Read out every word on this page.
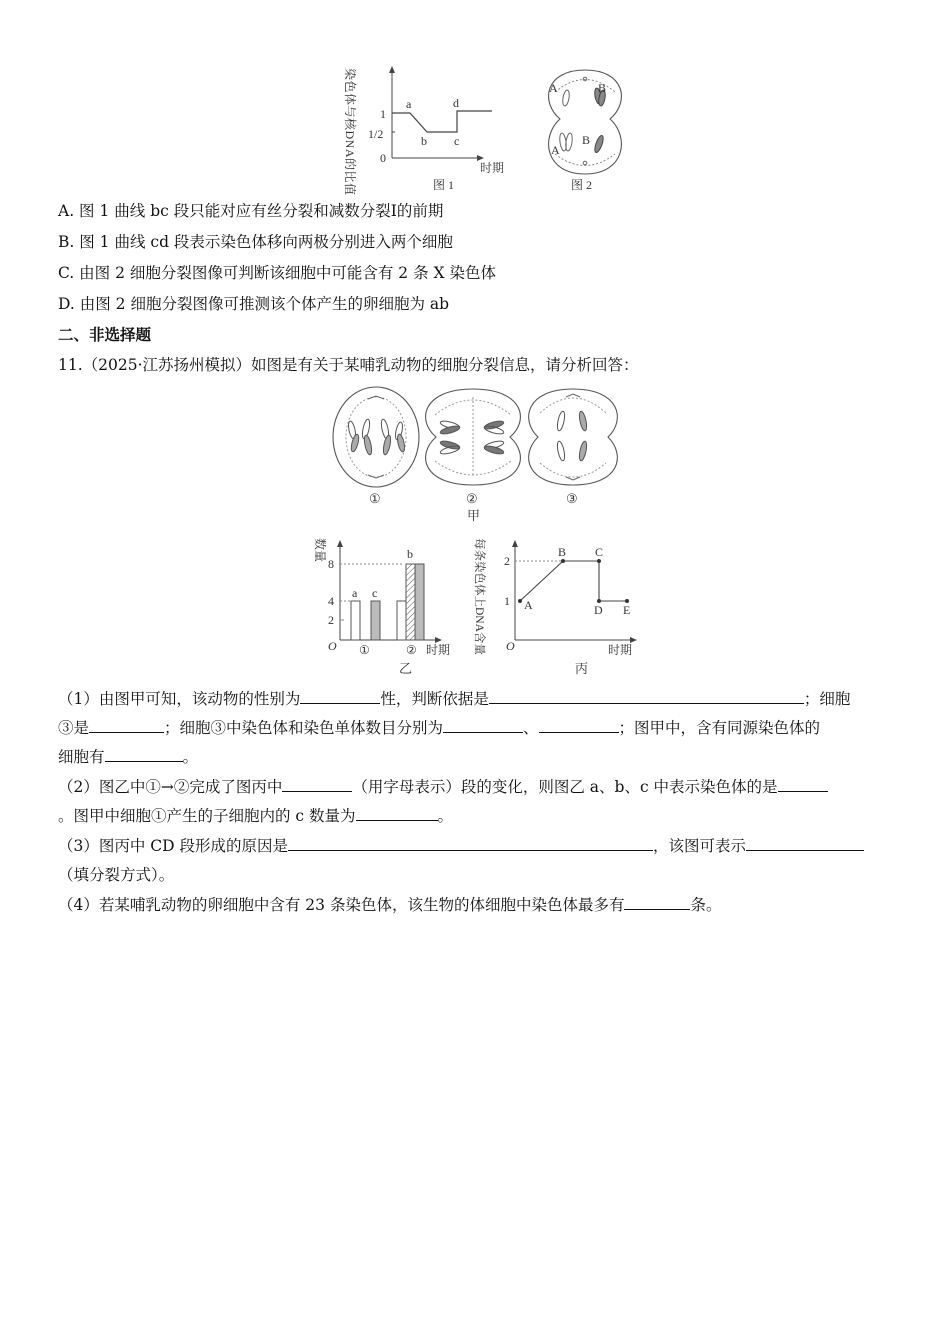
染色体与核DNA的比值 1
1/2
0
a
b c
d
时期
图 1
A	B
A
B
图 2
A. 图 1 曲线 bc 段只能对应有丝分裂和减数分裂Ⅰ的前期
B. 图 1 曲线 cd 段表示染色体移向两极分别进入两个细胞
C. 由图 2 细胞分裂图像可判断该细胞中可能含有 2 条 X 染色体
D. 由图 2 细胞分裂图像可推测该个体产生的卵细胞为 ab
二、非选择题
11.（2025·江苏扬州模拟）如图是有关于某哺乳动物的细胞分裂信息，请分析回答：
①	②
甲
③
数量
8
4
2
a c
b
O ①	② 时期
乙
每条染色体上DNA含量 2
1 A
B C
D E
O	时期
丙
（1）由图甲可知，该动物的性别为	性，判断依据是	；细胞
③是	；细胞③中染色体和染色单体数目分别为	、	；图甲中，含有同源染色体的
细胞有	。
（2）图乙中①→②完成了图丙中	（用字母表示）段的变化，则图乙 a、b、c 中表示染色体的是
。图甲中细胞①产生的子细胞内的 c 数量为	。
（3）图丙中 CD 段形成的原因是	，该图可表示
（填分裂方式）。
（4）若某哺乳动物的卵细胞中含有 23 条染色体，该生物的体细胞中染色体最多有	条。
